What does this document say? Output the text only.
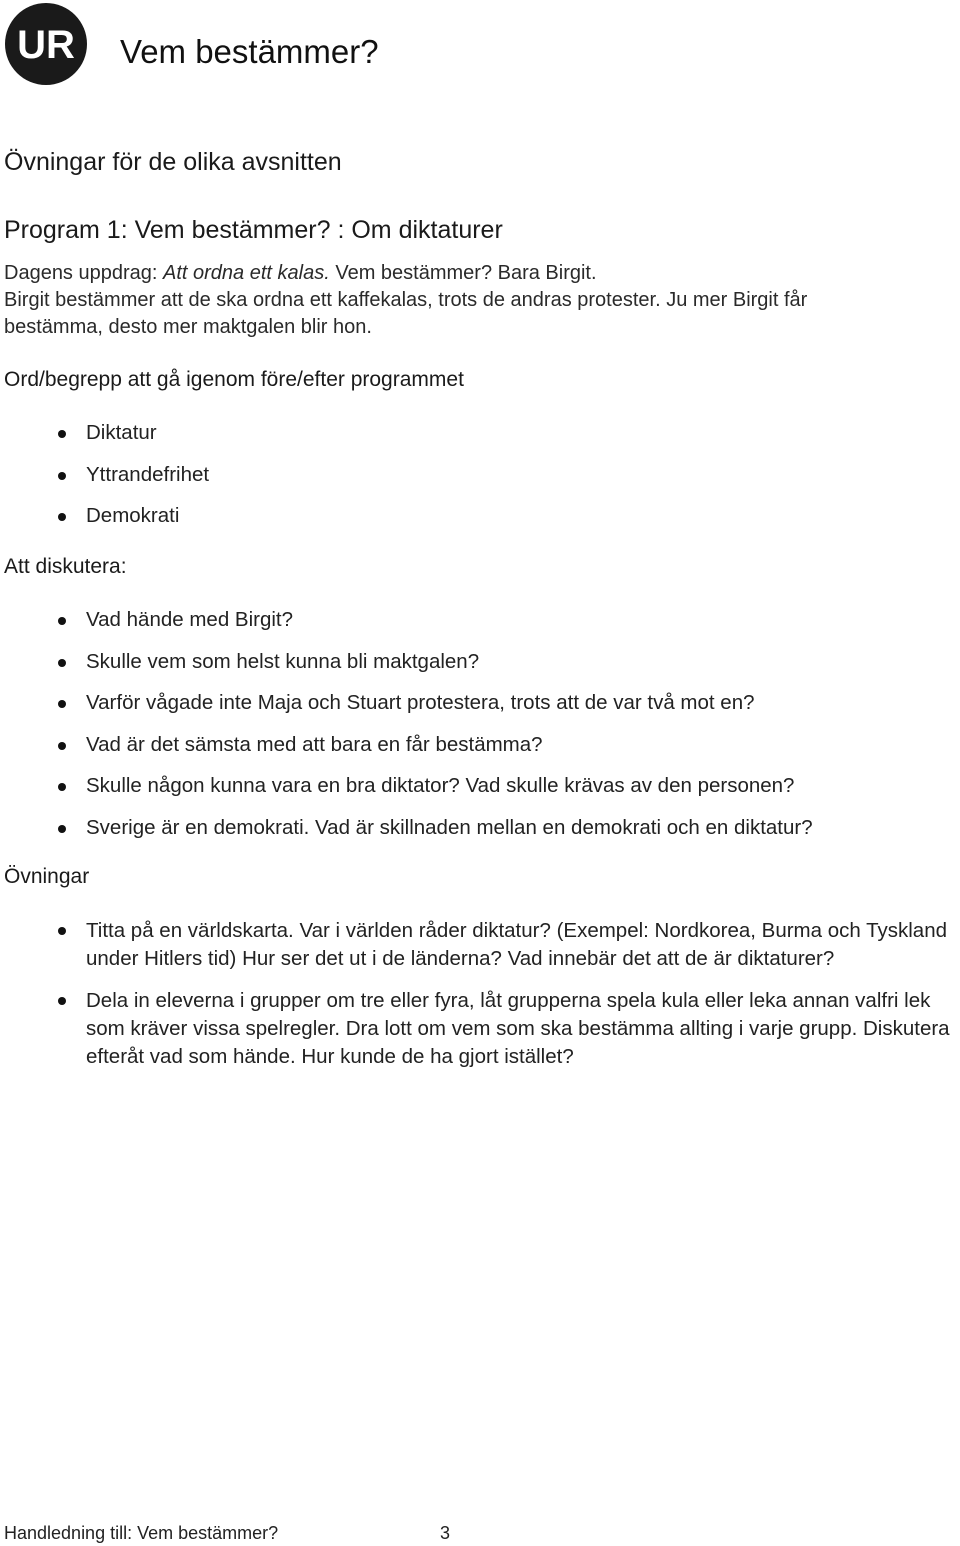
UR Vem bestämmer?
Övningar för de olika avsnitten
Program 1: Vem bestämmer? : Om diktaturer
Dagens uppdrag: Att ordna ett kalas. Vem bestämmer? Bara Birgit.
Birgit bestämmer att de ska ordna ett kaffekalas, trots de andras protester. Ju mer Birgit får
bestämma, desto mer maktgalen blir hon.
Ord/begrepp att gå igenom före/efter programmet
Diktatur
Yttrandefrihet
Demokrati
Att diskutera:
Vad hände med Birgit?
Skulle vem som helst kunna bli maktgalen?
Varför vågade inte Maja och Stuart protestera, trots att de var två mot en?
Vad är det sämsta med att bara en får bestämma?
Skulle någon kunna vara en bra diktator? Vad skulle krävas av den personen?
Sverige är en demokrati. Vad är skillnaden mellan en demokrati och en diktatur?
Övningar
Titta på en världskarta. Var i världen råder diktatur? (Exempel: Nordkorea, Burma och Tyskland under Hitlers tid) Hur ser det ut i de länderna? Vad innebär det att de är diktaturer?
Dela in eleverna i grupper om tre eller fyra, låt grupperna spela kula eller leka annan valfri lek som kräver vissa spelregler. Dra lott om vem som ska bestämma allting i varje grupp. Diskutera efteråt vad som hände. Hur kunde de ha gjort istället?
Handledning till: Vem bestämmer?	3
